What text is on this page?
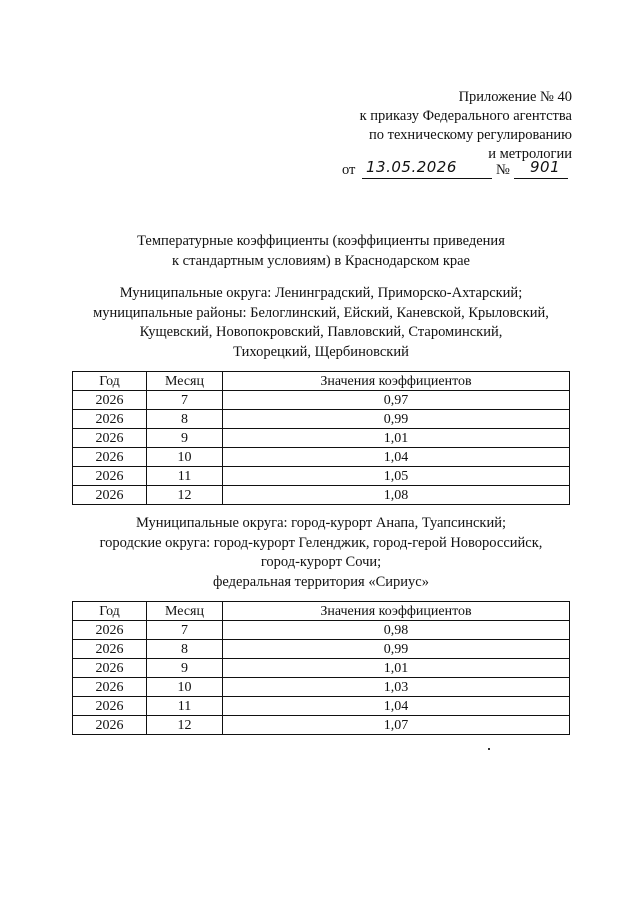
Приложение № 40
к приказу Федерального агентства
по техническому регулированию
и метрологии
от 13.05.2026	№ 901
Температурные коэффициенты (коэффициенты приведения
к стандартным условиям) в Краснодарском крае
Муниципальные округа: Ленинградский, Приморско-Ахтарский;
муниципальные районы: Белоглинский, Ейский, Каневской, Крыловский,
Кущевский, Новопокровский, Павловский, Староминский,
Тихорецкий, Щербиновский
Год	Месяц	Значения коэффициентов
2026	7	0,97
2026	8	0,99
2026	9	1,01
2026	10	1,04
2026	11	1,05
2026	12	1,08
Муниципальные округа: город-курорт Анапа, Туапсинский;
городские округа: город-курорт Геленджик, город-герой Новороссийск,
город-курорт Сочи;
федеральная территория «Сириус»
Год	Месяц	Значения коэффициентов
2026	7	0,98
2026	8	0,99
2026	9	1,01
2026	10	1,03
2026	11	1,04
2026	12	1,07
